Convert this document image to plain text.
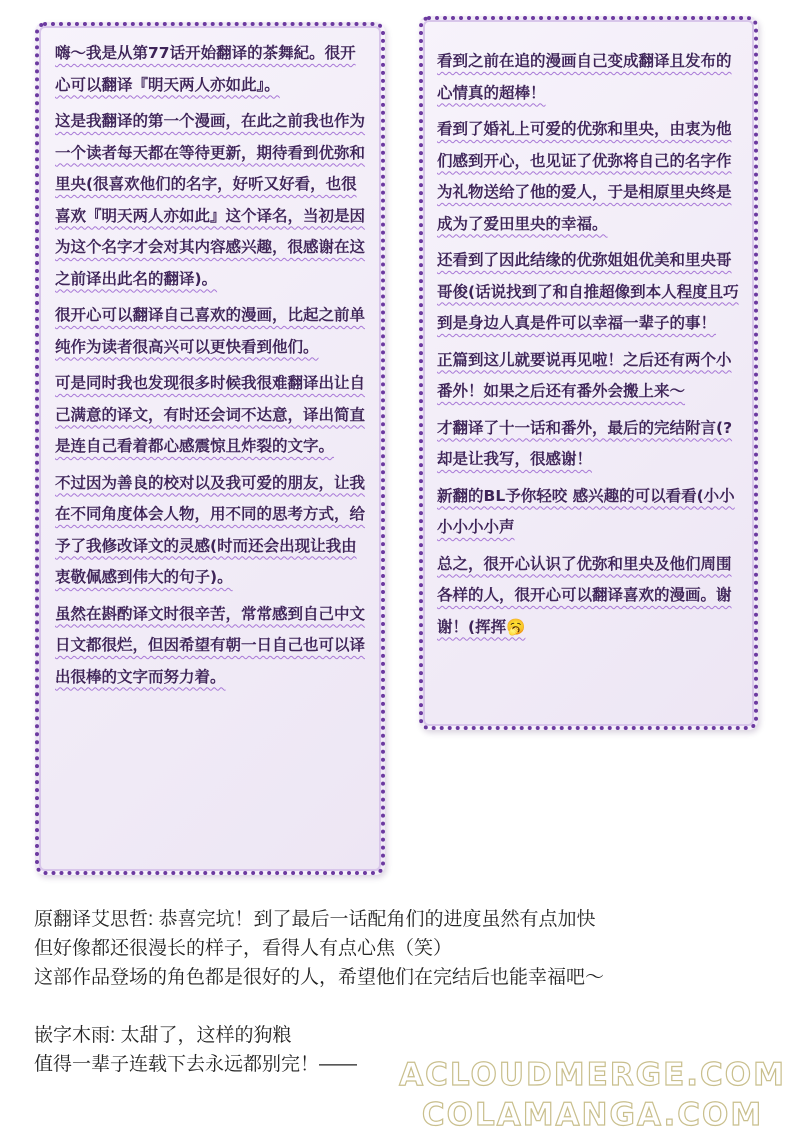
嗨～我是从第77话开始翻译的茶舞紀。很开心可以翻译『明天两人亦如此』。

这是我翻译的第一个漫画，在此之前我也作为一个读者每天都在等待更新，期待看到优弥和里央(很喜欢他们的名字，好听又好看，也很喜欢『明天两人亦如此』这个译名，当初是因为这个名字才会对其内容感兴趣，很感谢在这之前译出此名的翻译)。

很开心可以翻译自己喜欢的漫画，比起之前单纯作为读者很高兴可以更快看到他们。

可是同时我也发现很多时候我很难翻译出让自己满意的译文，有时还会词不达意，译出简直是连自己看着都心感震惊且炸裂的文字。

不过因为善良的校对以及我可爱的朋友，让我在不同角度体会人物，用不同的思考方式，给予了我修改译文的灵感(时而还会出现让我由衷敬佩感到伟大的句子)。

虽然在斟酌译文时很辛苦，常常感到自己中文日文都很烂，但因希望有朝一日自己也可以译出很棒的文字而努力着。

看到之前在追的漫画自己变成翻译且发布的心情真的超棒！

看到了婚礼上可爱的优弥和里央，由衷为他们感到开心，也见证了优弥将自己的名字作为礼物送给了他的爱人，于是相原里央终是成为了爱田里央的幸福。

还看到了因此结缘的优弥姐姐优美和里央哥哥俊(话说找到了和自推超像到本人程度且巧到是身边人真是件可以幸福一辈子的事！

正篇到这儿就要说再见啦！之后还有两个小番外！如果之后还有番外会搬上来～

才翻译了十一话和番外，最后的完结附言(?却是让我写，很感谢！

新翻的BL予你轻咬 感兴趣的可以看看(小小小小小小声

总之，很开心认识了优弥和里央及他们周围各样的人，很开心可以翻译喜欢的漫画。谢谢！(挥挥🥱

原翻译艾思哲: 恭喜完坑！到了最后一话配角们的进度虽然有点加快
但好像都还很漫长的样子，看得人有点心焦（笑）
这部作品登场的角色都是很好的人，希望他们在完结后也能幸福吧～
嵌字木雨: 太甜了，这样的狗粮
值得一辈子连载下去永远都别完！——	ACLOUDMERGE.COM
COLAMANGA.COM
